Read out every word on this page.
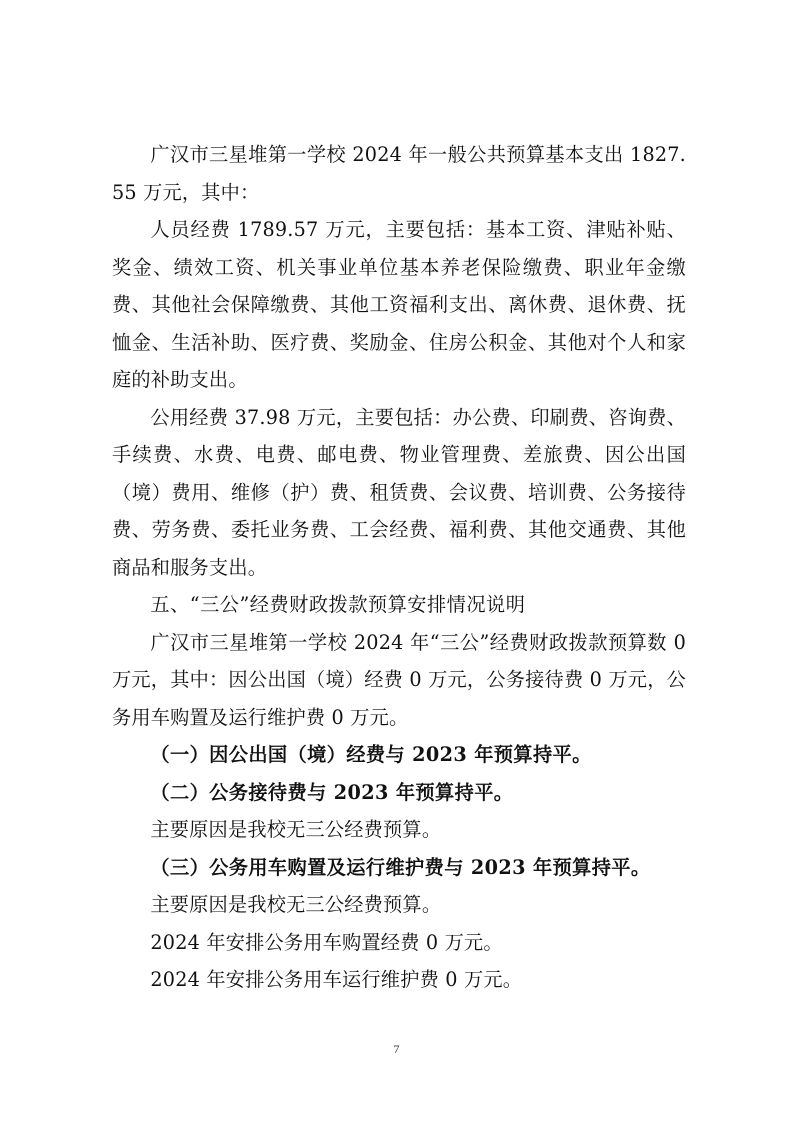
广汉市三星堆第一学校 2024 年一般公共预算基本支出 1827.55 万元，其中：

人员经费 1789.57 万元，主要包括：基本工资、津贴补贴、奖金、绩效工资、机关事业单位基本养老保险缴费、职业年金缴费、其他社会保障缴费、其他工资福利支出、离休费、退休费、抚恤金、生活补助、医疗费、奖励金、住房公积金、其他对个人和家庭的补助支出。

公用经费 37.98 万元，主要包括：办公费、印刷费、咨询费、手续费、水费、电费、邮电费、物业管理费、差旅费、因公出国（境）费用、维修（护）费、租赁费、会议费、培训费、公务接待费、劳务费、委托业务费、工会经费、福利费、其他交通费、其他商品和服务支出。

五、“三公”经费财政拨款预算安排情况说明

广汉市三星堆第一学校 2024 年“三公”经费财政拨款预算数 0 万元，其中：因公出国（境）经费 0 万元，公务接待费 0 万元，公务用车购置及运行维护费 0 万元。

（一）因公出国（境）经费与 2023 年预算持平。

（二）公务接待费与 2023 年预算持平。

主要原因是我校无三公经费预算。

（三）公务用车购置及运行维护费与 2023 年预算持平。

主要原因是我校无三公经费预算。

2024 年安排公务用车购置经费 0 万元。

2024 年安排公务用车运行维护费 0 万元。

7
